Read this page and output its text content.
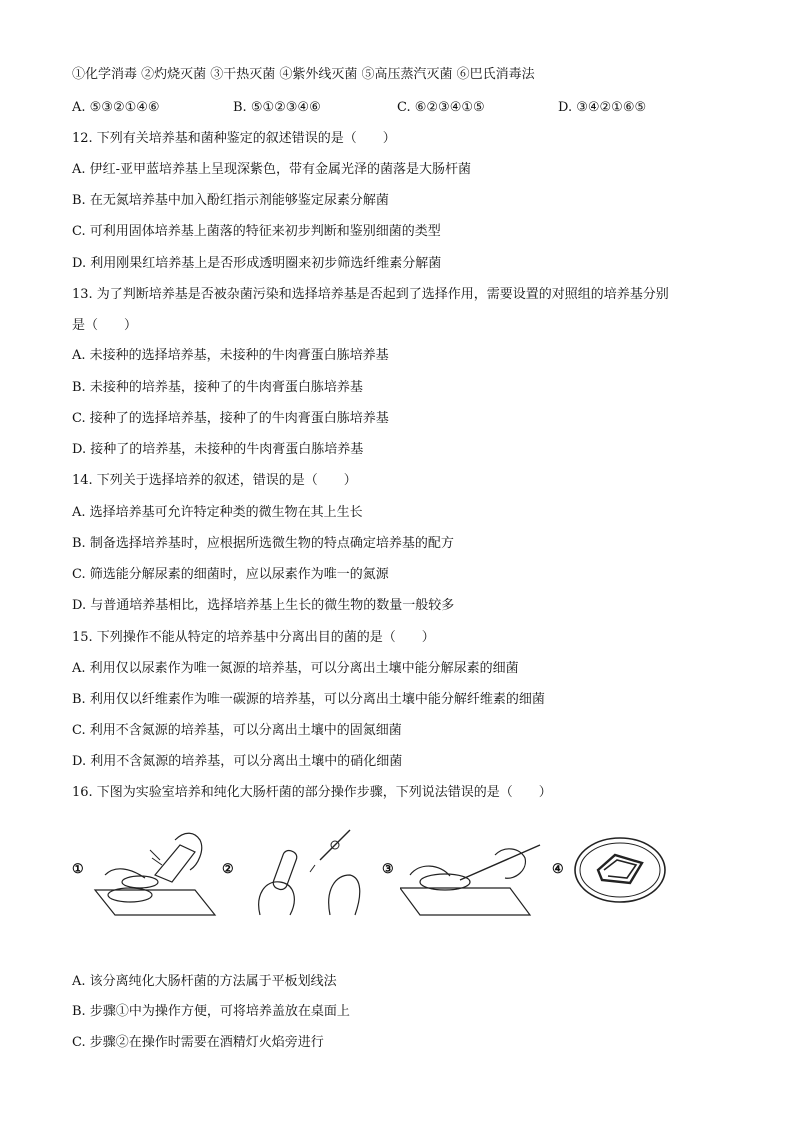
①化学消毒 ②灼烧灭菌 ③干热灭菌 ④紫外线灭菌 ⑤高压蒸汽灭菌 ⑥巴氏消毒法
A. ⑤③②①④⑥	B. ⑤①②③④⑥	C. ⑥②③④①⑤	D. ③④②①⑥⑤
12. 下列有关培养基和菌种鉴定的叙述错误的是（　　）
A. 伊红-亚甲蓝培养基上呈现深紫色，带有金属光泽的菌落是大肠杆菌
B. 在无氮培养基中加入酚红指示剂能够鉴定尿素分解菌
C. 可利用固体培养基上菌落的特征来初步判断和鉴别细菌的类型
D. 利用刚果红培养基上是否形成透明圈来初步筛选纤维素分解菌
13. 为了判断培养基是否被杂菌污染和选择培养基是否起到了选择作用，需要设置的对照组的培养基分别
是（　　）
A. 未接种的选择培养基，未接种的牛肉膏蛋白胨培养基
B. 未接种的培养基，接种了的牛肉膏蛋白胨培养基
C. 接种了的选择培养基，接种了的牛肉膏蛋白胨培养基
D. 接种了的培养基，未接种的牛肉膏蛋白胨培养基
14. 下列关于选择培养的叙述，错误的是（　　）
A. 选择培养基可允许特定种类的微生物在其上生长
B. 制备选择培养基时，应根据所选微生物的特点确定培养基的配方
C. 筛选能分解尿素的细菌时，应以尿素作为唯一的氮源
D. 与普通培养基相比，选择培养基上生长的微生物的数量一般较多
15. 下列操作不能从特定的培养基中分离出目的菌的是（　　）
A. 利用仅以尿素作为唯一氮源的培养基，可以分离出土壤中能分解尿素的细菌
B. 利用仅以纤维素作为唯一碳源的培养基，可以分离出土壤中能分解纤维素的细菌
C. 利用不含氮源的培养基，可以分离出土壤中的固氮细菌
D. 利用不含氮源的培养基，可以分离出土壤中的硝化细菌
16. 下图为实验室培养和纯化大肠杆菌的部分操作步骤，下列说法错误的是（　　）
①	②	③	④
A. 该分离纯化大肠杆菌的方法属于平板划线法
B. 步骤①中为操作方便，可将培养盖放在桌面上
C. 步骤②在操作时需要在酒精灯火焰旁进行
